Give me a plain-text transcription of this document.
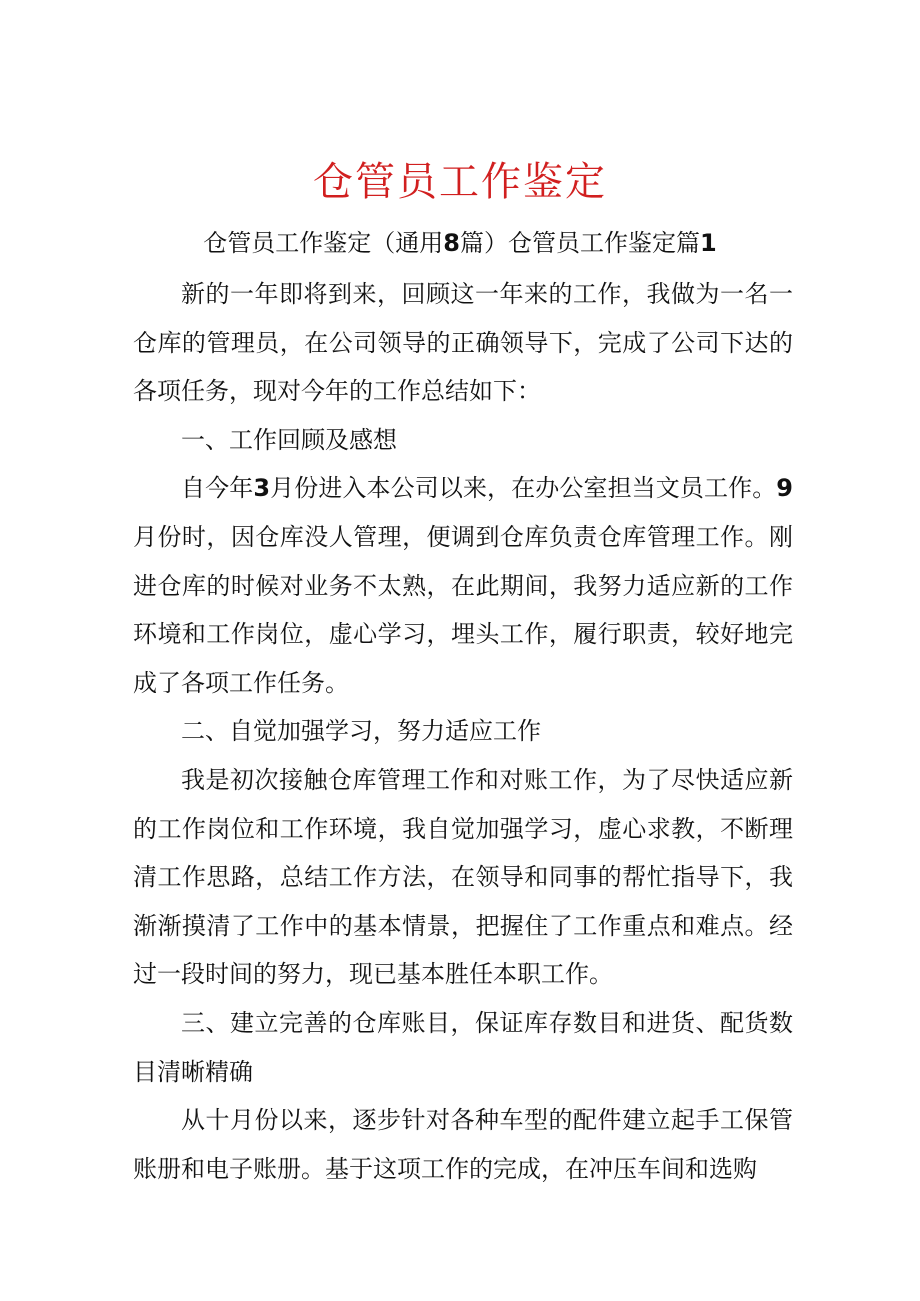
仓管员工作鉴定
仓管员工作鉴定（通用8篇）仓管员工作鉴定篇1

新的一年即将到来，回顾这一年来的工作，我做为一名一仓库的管理员，在公司领导的正确领导下，完成了公司下达的各项任务，现对今年的工作总结如下：

一、工作回顾及感想

自今年3月份进入本公司以来，在办公室担当文员工作。9月份时，因仓库没人管理，便调到仓库负责仓库管理工作。刚进仓库的时候对业务不太熟，在此期间，我努力适应新的工作环境和工作岗位，虚心学习，埋头工作，履行职责，较好地完成了各项工作任务。

二、自觉加强学习，努力适应工作

我是初次接触仓库管理工作和对账工作，为了尽快适应新的工作岗位和工作环境，我自觉加强学习，虚心求教，不断理清工作思路，总结工作方法，在领导和同事的帮忙指导下，我渐渐摸清了工作中的基本情景，把握住了工作重点和难点。经过一段时间的努力，现已基本胜任本职工作。

三、建立完善的仓库账目，保证库存数目和进货、配货数目清晰精确

从十月份以来，逐步针对各种车型的配件建立起手工保管账册和电子账册。基于这项工作的完成，在冲压车间和选购
